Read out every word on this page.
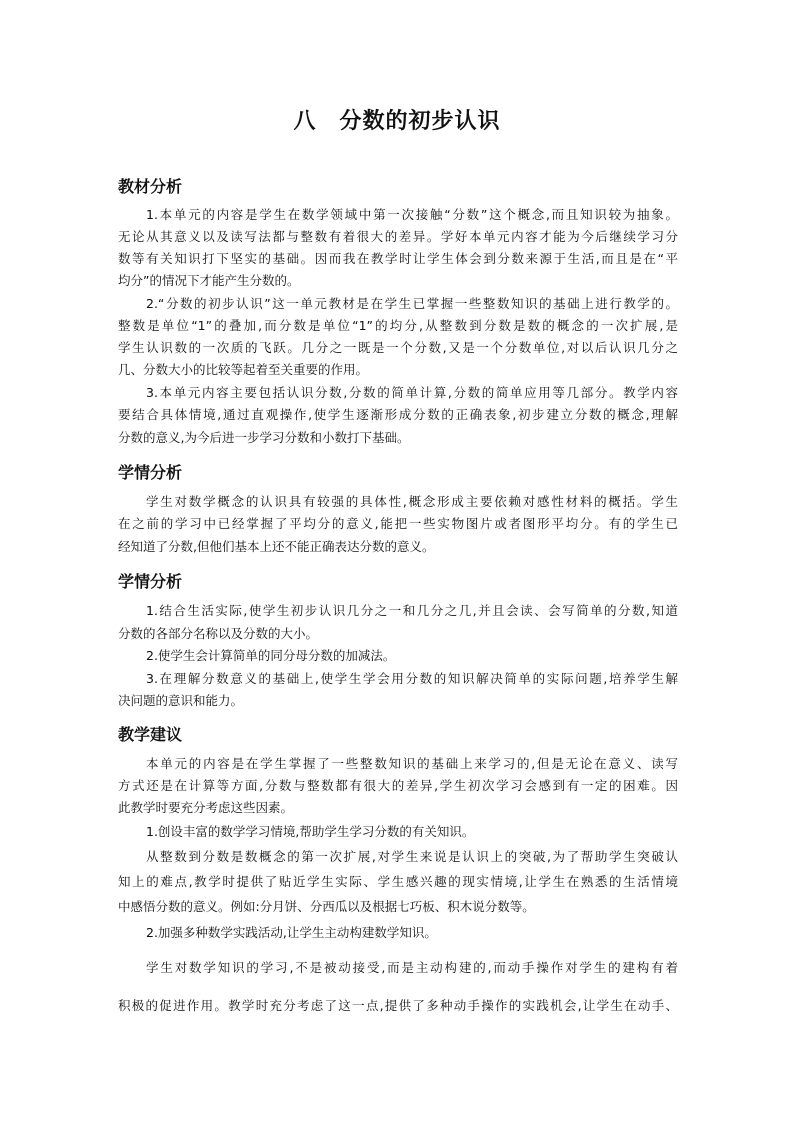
八　分数的初步认识
教材分析
1.本单元的内容是学生在数学领域中第一次接触“分数”这个概念,而且知识较为抽象。
无论从其意义以及读写法都与整数有着很大的差异。学好本单元内容才能为今后继续学习分
数等有关知识打下坚实的基础。因而我在教学时让学生体会到分数来源于生活,而且是在“平
均分”的情况下才能产生分数的。
2.“分数的初步认识”这一单元教材是在学生已掌握一些整数知识的基础上进行教学的。
整数是单位“1”的叠加,而分数是单位“1”的均分,从整数到分数是数的概念的一次扩展,是
学生认识数的一次质的飞跃。几分之一既是一个分数,又是一个分数单位,对以后认识几分之
几、分数大小的比较等起着至关重要的作用。
3.本单元内容主要包括认识分数,分数的简单计算,分数的简单应用等几部分。教学内容
要结合具体情境,通过直观操作,使学生逐渐形成分数的正确表象,初步建立分数的概念,理解
分数的意义,为今后进一步学习分数和小数打下基础。
学情分析
学生对数学概念的认识具有较强的具体性,概念形成主要依赖对感性材料的概括。学生
在之前的学习中已经掌握了平均分的意义,能把一些实物图片或者图形平均分。有的学生已
经知道了分数,但他们基本上还不能正确表达分数的意义。
学情分析
1.结合生活实际,使学生初步认识几分之一和几分之几,并且会读、会写简单的分数,知道
分数的各部分名称以及分数的大小。
2.使学生会计算简单的同分母分数的加减法。
3.在理解分数意义的基础上,使学生学会用分数的知识解决简单的实际问题,培养学生解
决问题的意识和能力。
教学建议
本单元的内容是在学生掌握了一些整数知识的基础上来学习的,但是无论在意义、读写
方式还是在计算等方面,分数与整数都有很大的差异,学生初次学习会感到有一定的困难。因
此教学时要充分考虑这些因素。
1.创设丰富的数学学习情境,帮助学生学习分数的有关知识。
从整数到分数是数概念的第一次扩展,对学生来说是认识上的突破,为了帮助学生突破认
知上的难点,教学时提供了贴近学生实际、学生感兴趣的现实情境,让学生在熟悉的生活情境
中感悟分数的意义。例如:分月饼、分西瓜以及根据七巧板、积木说分数等。
2.加强多种数学实践活动,让学生主动构建数学知识。
学生对数学知识的学习,不是被动接受,而是主动构建的,而动手操作对学生的建构有着
积极的促进作用。教学时充分考虑了这一点,提供了多种动手操作的实践机会,让学生在动手、
